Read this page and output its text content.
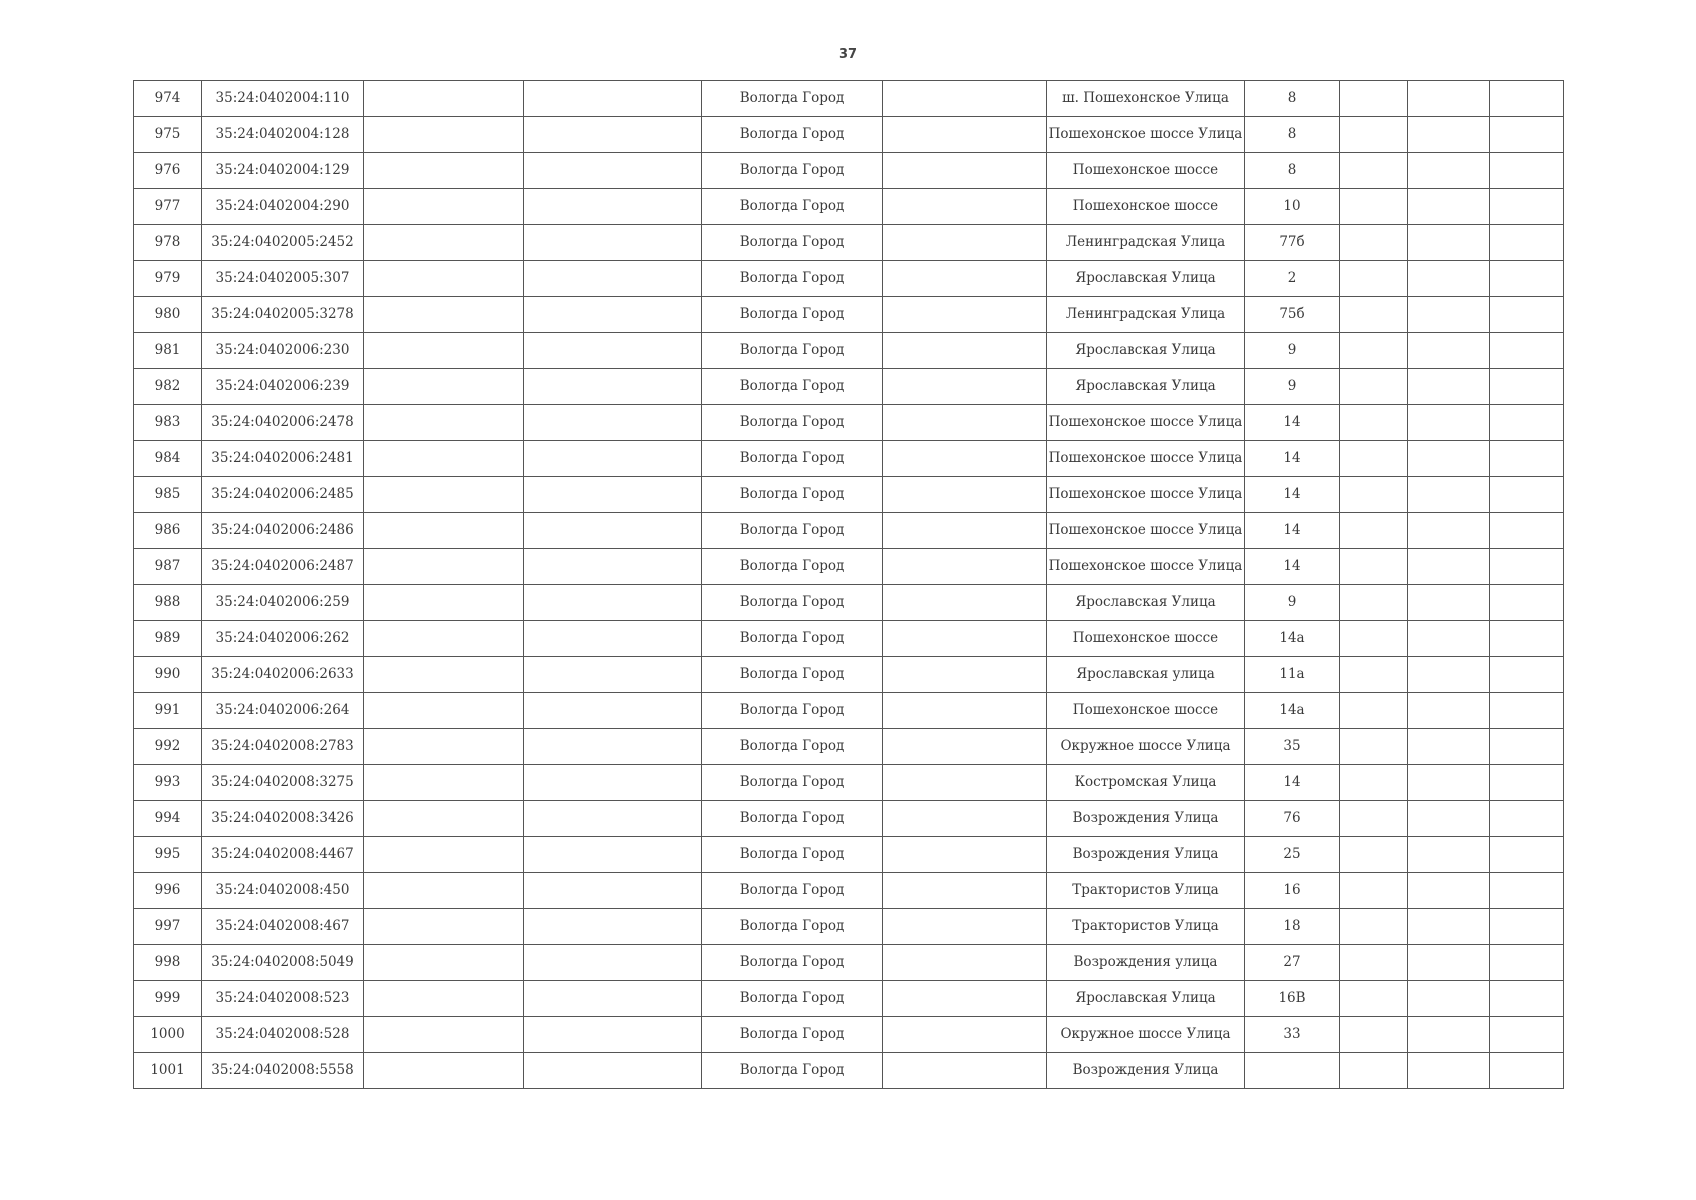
37
974	35:24:0402004:110			Вологда Город		ш. Пошехонское Улица	8			
975	35:24:0402004:128			Вологда Город		Пошехонское шоссе Улица	8			
976	35:24:0402004:129			Вологда Город		Пошехонское шоссе	8			
977	35:24:0402004:290			Вологда Город		Пошехонское шоссе	10			
978	35:24:0402005:2452			Вологда Город		Ленинградская Улица	77б			
979	35:24:0402005:307			Вологда Город		Ярославская Улица	2			
980	35:24:0402005:3278			Вологда Город		Ленинградская Улица	75б			
981	35:24:0402006:230			Вологда Город		Ярославская Улица	9			
982	35:24:0402006:239			Вологда Город		Ярославская Улица	9			
983	35:24:0402006:2478			Вологда Город		Пошехонское шоссе Улица	14			
984	35:24:0402006:2481			Вологда Город		Пошехонское шоссе Улица	14			
985	35:24:0402006:2485			Вологда Город		Пошехонское шоссе Улица	14			
986	35:24:0402006:2486			Вологда Город		Пошехонское шоссе Улица	14			
987	35:24:0402006:2487			Вологда Город		Пошехонское шоссе Улица	14			
988	35:24:0402006:259			Вологда Город		Ярославская Улица	9			
989	35:24:0402006:262			Вологда Город		Пошехонское шоссе	14а			
990	35:24:0402006:2633			Вологда Город		Ярославская улица	11а			
991	35:24:0402006:264			Вологда Город		Пошехонское шоссе	14а			
992	35:24:0402008:2783			Вологда Город		Окружное шоссе Улица	35			
993	35:24:0402008:3275			Вологда Город		Костромская Улица	14			
994	35:24:0402008:3426			Вологда Город		Возрождения Улица	76			
995	35:24:0402008:4467			Вологда Город		Возрождения Улица	25			
996	35:24:0402008:450			Вологда Город		Трактористов Улица	16			
997	35:24:0402008:467			Вологда Город		Трактористов Улица	18			
998	35:24:0402008:5049			Вологда Город		Возрождения улица	27			
999	35:24:0402008:523			Вологда Город		Ярославская Улица	16В			
1000	35:24:0402008:528			Вологда Город		Окружное шоссе Улица	33			
1001	35:24:0402008:5558			Вологда Город		Возрождения Улица				
